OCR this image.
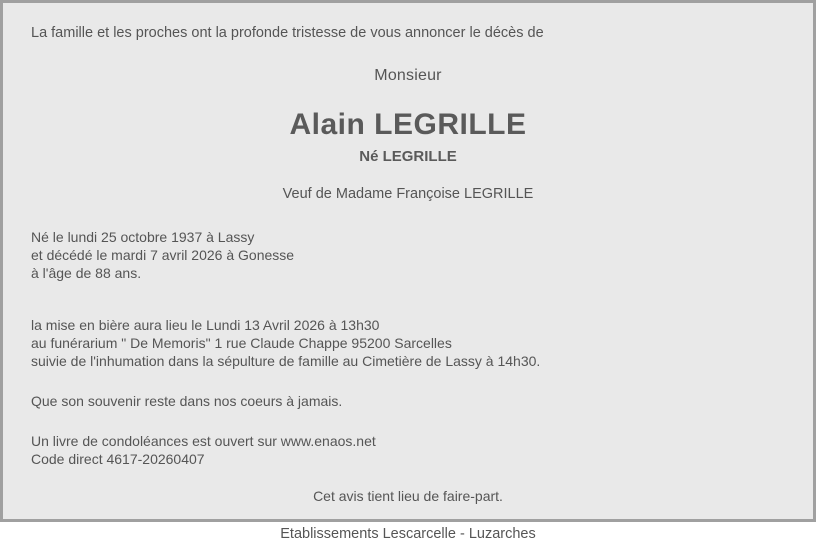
La famille et les proches ont la profonde tristesse de vous annoncer le décès de
Monsieur
Alain LEGRILLE
Né LEGRILLE
Veuf de Madame Françoise LEGRILLE
Né le lundi 25 octobre 1937 à Lassy
et décédé le mardi 7 avril 2026 à Gonesse
à l'âge de 88 ans.
la mise en bière aura lieu le Lundi 13 Avril 2026 à 13h30
au funérarium " De Memoris" 1 rue Claude Chappe 95200 Sarcelles
suivie de l'inhumation dans la sépulture de famille au Cimetière de Lassy à 14h30.
Que son souvenir reste dans nos coeurs à jamais.
Un livre de condoléances est ouvert sur www.enaos.net
Code direct 4617-20260407
Cet avis tient lieu de faire-part.
Etablissements Lescarcelle - Luzarches
